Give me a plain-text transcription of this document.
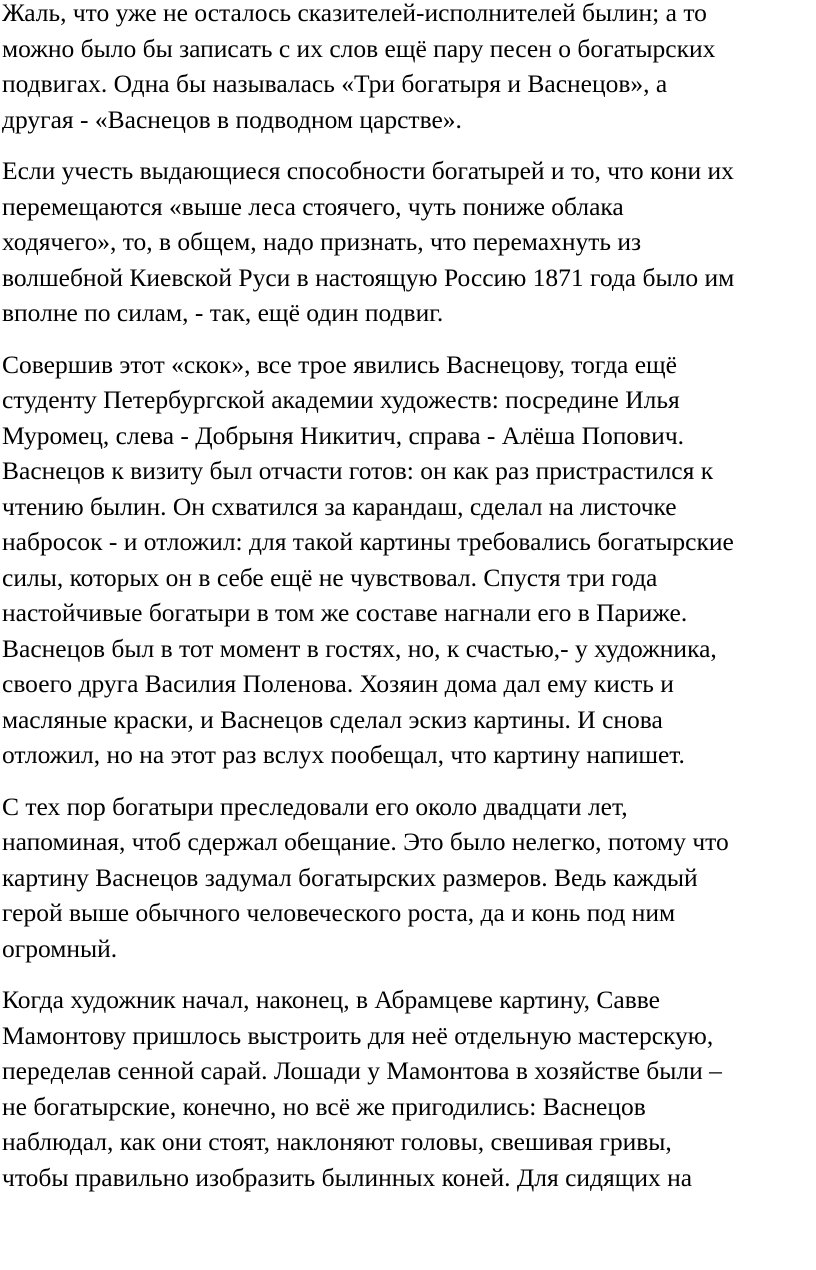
Жаль, что уже не осталось сказителей-исполнителей былин; а то
можно было бы записать с их слов ещё пару песен о богатырских
подвигах. Одна бы называлась «Три богатыря и Васнецов», а
другая - «Васнецов в подводном царстве».

Если учесть выдающиеся способности богатырей и то, что кони их
перемещаются «выше леса стоячего, чуть пониже облака
ходячего», то, в общем, надо признать, что перемахнуть из
волшебной Киевской Руси в настоящую Россию 1871 года было им
вполне по силам, - так, ещё один подвиг.

Совершив этот «скок», все трое явились Васнецову, тогда ещё
студенту Петербургской академии художеств: посредине Илья
Муромец, слева - Добрыня Никитич, справа - Алёша Попович.
Васнецов к визиту был отчасти готов: он как раз пристрастился к
чтению былин. Он схватился за карандаш, сделал на листочке
набросок - и отложил: для такой картины требовались богатырские
силы, которых он в себе ещё не чувствовал. Спустя три года
настойчивые богатыри в том же составе нагнали его в Париже.
Васнецов был в тот момент в гостях, но, к счастью,- у художника,
своего друга Василия Поленова. Хозяин дома дал ему кисть и
масляные краски, и Васнецов сделал эскиз картины. И снова
отложил, но на этот раз вслух пообещал, что картину напишет.

С тех пор богатыри преследовали его около двадцати лет,
напоминая, чтоб сдержал обещание. Это было нелегко, потому что
картину Васнецов задумал богатырских размеров. Ведь каждый
герой выше обычного человеческого роста, да и конь под ним
огромный.

Когда художник начал, наконец, в Абрамцеве картину, Савве
Мамонтову пришлось выстроить для неё отдельную мастерскую,
переделав сенной сарай. Лошади у Мамонтова в хозяйстве были –
не богатырские, конечно, но всё же пригодились: Васнецов
наблюдал, как они стоят, наклоняют головы, свешивая гривы,
чтобы правильно изобразить былинных коней. Для сидящих на
